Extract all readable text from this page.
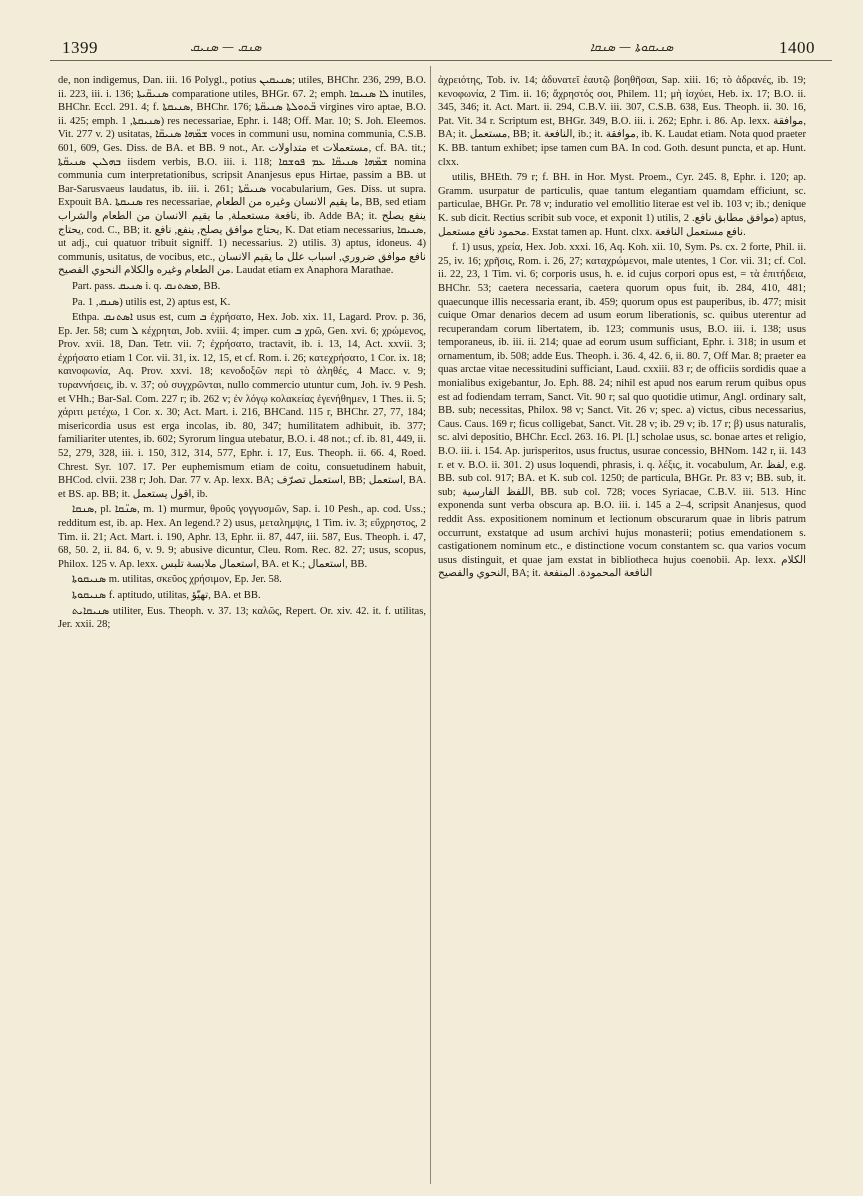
1399	ܣܢܩ — ܣܢܝܩ	ܣܢܝܩܘܬܐ — ܣܢܩܐ	1400

de, non indigemus, Dan. iii. 16 Polygl., potius ܣܢܝܩܝܢ; utiles, BHChr. 236, 299, B.O. ii. 223, iii. i. 136; ܣܢܝܩ̈ܝܬܐ comparatione utiles, BHGr. 67. 2; emph. ܠܐ ܣܢܝܩܐ inutiles, BHChr. Eccl. 291. 4; f. ܣܢܝܩܬܐ, BHChr. 176; ܒ̈ܬܘܠܬܐ ܣܢܝܩ̈ܬܐ virgines viro aptae, B.O. ii. 425; emph. ܣܢܝܩܬܐ, 1) res necessariae, Ephr. i. 148; Off. Mar. 10; S. Joh. Eleemos. Vit. 277 v. 2) usitatas, ܫܡ̈ܗܐ ܣܢܝܩ̈ܐ voces in communi usu, nomina communia, C.S.B. 601, 609, Ges. Diss. de BA. et BB. 9 not., Ar. متداولات et مستعملات, cf. BA. tit.; ܒܗܠܝܢ ܣܢܝܩ̈ܬܐ iisdem verbis, B.O. iii. i. 118; ܫܡ̈ܗܐ ܣܢܝܩ̈ܐ ܥܡ ܦܘܫܩܐ nomina communia cum interpretationibus, scripsit Ananjesus epus Hirtae, passim a BB. ut Bar-Sarusvaeus laudatus, ib. iii. i. 261; ܣܢܝܩ̈ܬܐ vocabularium, Ges. Diss. ut supra. Expouit BA. ܣܢܝܩܬܐ res necessariae, ما يقيم الانسان وغيره من الطعام, BB, sed etiam نافعة مستعملة, ما يقيم الانسان من الطعام والشراب, ib. Adde BA; it. ينفع يصلح يحتاج, cod. C., BB; it. يحتاج موافق يصلح, ينفع, نافع, K. Dat etiam necessarius, ܣܢܝܩܐ, ut adj., cui quatuor tribuit signiff. 1) necessarius. 2) utilis. 3) aptus, idoneus. 4) communis, usitatus, de vocibus, etc., نافع موافق ضروري, اسباب علل ما يقيم الانسان من الطعام وغيره والكلام النحوي الفصيح. Laudat etiam ex Anaphora Marathae.

Part. pass. ܣܢܝܩ i. q. ܡܣܬܢܩ, BB.

Pa. ܣܢܩ, 1) utilis est, 2) aptus est, K.

Ethpa. ܐܣܬܢܩ usus est, cum ܒ ἐχρήσατο, Hex. Job. xix. 11, Lagard. Prov. p. 36, Ep. Jer. 58; cum ܠ κέχρηται, Job. xviii. 4; imper. cum ܒ χρῶ, Gen. xvi. 6; χρώμενος, Prov. xvii. 18, Dan. Tetr. vii. 7; ἐχρήσατο, tractavit, ib. i. 13, 14, Act. xxvii. 3; ἐχρήσατο etiam 1 Cor. vii. 31, ix. 12, 15, et cf. Rom. i. 26; κατεχρήσατο, 1 Cor. ix. 18; καινοφωνία, Aq. Prov. xxvi. 18; κενοδοξῶν περὶ τὸ ἀληθές, 4 Macc. v. 9; τυραννήσεις, ib. v. 37; οὐ συγχρῶνται, nullo commercio utuntur cum, Joh. iv. 9 Pesh. et VHh.; Bar-Sal. Com. 227 r; ib. 262 v; ἐν λόγῳ κολακείας ἐγενήθημεν, 1 Thes. ii. 5; χάριτι μετέχω, 1 Cor. x. 30; Act. Mart. i. 216, BHCand. 115 r, BHChr. 27, 77, 184; misericordia usus est erga incolas, ib. 80, 347; humilitatem adhibuit, ib. 377; familiariter utentes, ib. 602; Syrorum lingua utebatur, B.O. i. 48 not.; cf. ib. 81, 449, ii. 52, 279, 328, iii. i. 150, 312, 314, 577, Ephr. i. 17, Eus. Theoph. ii. 66. 4, Roed. Chrest. Syr. 107. 17. Per euphemismum etiam de coitu, consuetudinem habuit, BHCod. clvii. 238 r; Joh. Dar. 77 v. Ap. lexx. BA; استعمل تصرّف, BB; استعمل, BA. et BS. ap. BB; it. اقول يستعمل, ib.

ܣܢܩܐ, pl. ܣܢ̈ܩܐ, m. 1) murmur, θροῦς γογγυσμῶν, Sap. i. 10 Pesh., ap. cod. Uss.; redditum est, ib. ap. Hex. An legend.? 2) usus, μεταλημψις, 1 Tim. iv. 3; εὔχρηστος, 2 Tim. ii. 21; Act. Mart. i. 190, Aphr. 13, Ephr. ii. 87, 447, iii. 587, Eus. Theoph. i. 47, 68, 50. 2, ii. 84. 6, v. 9. 9; abusive dicuntur, Cleu. Rom. Rec. 82. 27; usus, scopus, Philox. 125 v. Ap. lexx. استعمال ملابسة تلبس, BA. et K.; استعمال, BB.

ܣܢܝܩܘܬܐ m. utilitas, σκεῦος χρήσιμον, Ep. Jer. 58.

ܣܢܝܩܘܬܐ f. aptitudo, utilitas, تهيّؤ, BA. et BB.

ܣܢܝܩܐܝܬ utiliter, Eus. Theoph. v. 37. 13; καλῶς, Repert. Or. xiv. 42. it. f. utilitas, Jer. xxii. 28;

ἀχρειότης, Tob. iv. 14; ἀδυνατεῖ ἑαυτῷ βοηθῆσαι, Sap. xiii. 16; τὸ ἀδρανές, ib. 19; κενοφωνία, 2 Tim. ii. 16; ἄχρηστός σοι, Philem. 11; μὴ ἰσχύει, Heb. ix. 17; B.O. ii. 345, 346; it. Act. Mart. ii. 294, C.B.V. iii. 307, C.S.B. 638, Eus. Theoph. ii. 30. 16, Pat. Vit. 34 r. Scriptum est, BHGr. 349, B.O. iii. i. 262; Ephr. i. 86. Ap. lexx. موافقة, BA; it. مستعمل, BB; it. النافعة, ib.; it. موافقة, ib. K. Laudat etiam. Nota quod praeter K. BB. tantum exhibet; ipse tamen cum BA. In cod. Goth. desunt puncta, et ap. Hunt. clxx.

utilis, BHEth. 79 r; f. BH. in Hor. Myst. Proem., Cyr. 245. 8, Ephr. i. 120; ap. Gramm. usurpatur de particulis, quae tantum elegantiam quamdam efficiunt, sc. particulae, BHGr. Pr. 78 v; induratio vel emollitio literae est vel ib. 103 v; ib.; denique K. sub dicit. Rectius scribit sub voce, et exponit 1) utilis, موافق مطابق نافع. 2) aptus, محمود نافع مستعمل. Exstat tamen ap. Hunt. clxx. نافع مستعمل النافعة.

f. 1) usus, χρεία, Hex. Job. xxxi. 16, Aq. Koh. xii. 10, Sym. Ps. cx. 2 forte, Phil. ii. 25, iv. 16; χρῆσις, Rom. i. 26, 27; καταχρώμενοι, male utentes, 1 Cor. vii. 31; cf. Col. ii. 22, 23, 1 Tim. vi. 6; corporis usus, h. e. id cujus corpori opus est, = τὰ ἐπιτήδεια, BHChr. 53; caetera necessaria, caetera quorum opus fuit, ib. 284, 410, 481; quaecunque illis necessaria erant, ib. 459; quorum opus est pauperibus, ib. 477; misit cuique Omar denarios decem ad usum eorum liberationis, sc. quibus uterentur ad recuperandam corum libertatem, ib. 123; communis usus, B.O. iii. i. 138; usus temporaneus, ib. iii. ii. 214; quae ad eorum usum sufficiant, Ephr. i. 318; in usum et ornamentum, ib. 508; adde Eus. Theoph. i. 36. 4, 42. 6, ii. 80. 7, Off Mar. 8; praeter ea quas arctae vitae necessitudini sufficiant, Laud. cxxiii. 83 r; de officiis sordidis quae a monialibus exigebantur, Jo. Eph. 88. 24; nihil est apud nos earum rerum quibus opus est ad fodiendam terram, Sanct. Vit. 90 r; sal quo quotidie utimur, Angl. ordinary salt, BB. sub; necessitas, Philox. 98 v; Sanct. Vit. 26 v; spec. a) victus, cibus necessarius, Caus. Caus. 169 r; ficus colligebat, Sanct. Vit. 28 v; ib. 29 v; ib. 17 r; β) usus naturalis, sc. alvi depositio, BHChr. Eccl. 263. 16. Pl. [l.] scholae usus, sc. bonae artes et religio, B.O. iii. i. 154. Ap. jurisperitos, usus fructus, usurae concessio, BHNom. 142 r, ii. 143 r. et v. B.O. ii. 301. 2) usus loquendi, phrasis, i. q. λέξις, it. vocabulum, Ar. لفظ, e.g. BB. sub col. 917; BA. et K. sub col. 1250; de particula, BHGr. Pr. 83 v; BB. sub, it. sub; اللفظ الفارسية, BB. sub col. 728; voces Syriacae, C.B.V. iii. 513. Hinc exponenda sunt verba obscura ap. B.O. iii. i. 145 a 2–4, scripsit Ananjesus, quod reddit Ass. expositionem nominum et lectionum obscurarum quae in libris patrum occurrunt, exstatque ad usum archivi hujus monasterii; potius emendationem s. castigationem nominum etc., e distinctione vocum constantem sc. qua varios vocum usus distinguit, et quae jam exstat in bibliotheca hujus coenobii. Ap. lexx. الكلام النحوي والفصيح, BA; it. النافعة المحمودة. المنفعة
